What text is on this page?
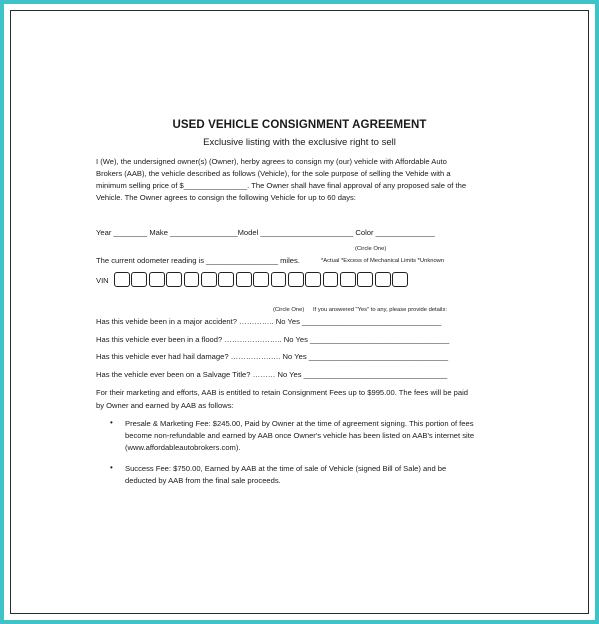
USED VEHICLE CONSIGNMENT AGREEMENT
Exclusive listing with the exclusive right to sell
I (We), the undersigned owner(s) (Owner), herby agrees to consign my (our) vehicle with Affordable Auto
Brokers (AAB), the vehicle described as follows (Vehicle), for the sole purpose of selling the Vehide with a
minimum selling price of $_______________. The Owner shall have final approval of any proposed sale of the
Vehicle. The Owner agrees to consign the following Vehicle for up to 60 days:
Year ________ Make ________________Model ______________________ Color ______________
(Circle One)
The current odometer reading is _________________ miles.	*Actual *Excess of Mechanical Limits *Unknown
VIN
(Circle One) If you answered "Yes" to any, please provide details:
Has this vehide been in a major accident? ………….. No Yes _________________________________
Has this vehicle ever been in a flood? ………………….. No Yes _________________________________
Has this vehicle ever had hail damage? …………….…. No Yes _________________________________
Has the vehicle ever been on a Salvage Title? ……… No Yes __________________________________
For their marketing and efforts, AAB is entitled to retain Consignment Fees up to $995.00. The fees will be paid
by Owner and earned by AAB as follows:
• Presale & Marketing Fee: $245.00, Paid by Owner at the time of agreement signing. This portion of fees
become non-refundable and earned by AAB once Owner's vehicle has been listed on AAB's internet site
(www.affordableautobrokers.com).
• Success Fee: $750.00, Earned by AAB at the time of sale of Vehicle (signed Bill of Sale) and be
deducted by AAB from the final sale proceeds.
